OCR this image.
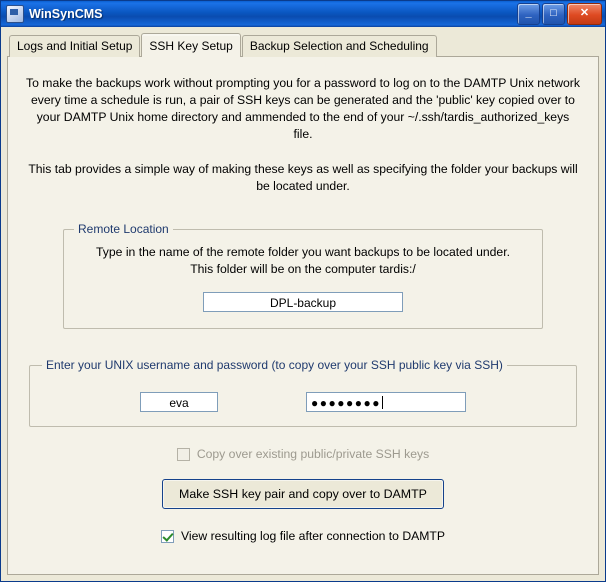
WinSynCMS	_	□	✕
Logs and Initial Setup	SSH Key Setup	Backup Selection and Scheduling
To make the backups work without prompting you for a password to log on to the DAMTP Unix network every time a schedule is run, a pair of SSH keys can be generated and the 'public' key copied over to your DAMTP Unix home directory and ammended to the end of your ~/.ssh/tardis_authorized_keys file.
This tab provides a simple way of making these keys as well as specifying the folder your backups will be located under.
Remote Location
Type in the name of the remote folder you want backups to be located under. This folder will be on the computer tardis:/
DPL-backup
Enter your UNIX username and password (to copy over your SSH public key via SSH)
eva	●●●●●●●●
Copy over existing public/private SSH keys
Make SSH key pair and copy over to DAMTP
View resulting log file after connection to DAMTP
